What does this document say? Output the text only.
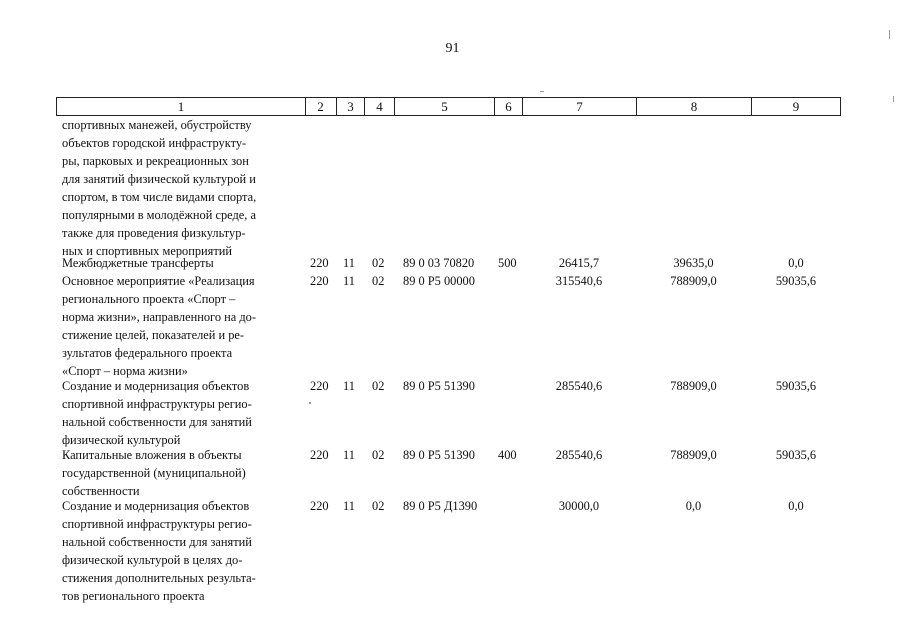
91
1	2	3	4	5	6	7	8	9
спортивных манежей, обустройству
объектов городской инфраструкту-
ры, парковых и рекреационных зон
для занятий физической культурой и
спортом, в том числе видами спорта,
популярными в молодёжной среде, а
также для проведения физкультур-
ных и спортивных мероприятий
Межбюджетные трансферты	220 11 02 89 0 03 70820 500	26415,7	39635,0	0,0
Основное мероприятие «Реализация
регионального проекта «Спорт –
норма жизни», направленного на до-
стижение целей, показателей и ре-
зультатов федерального проекта
«Спорт – норма жизни»
220 11 02 89 0 P5 00000	315540,6	788909,0	59035,6
Создание и модернизация объектов
спортивной инфраструктуры регио-
нальной собственности для занятий
физической культурой
220 11 02 89 0 P5 51390	285540,6	788909,0	59035,6
Капитальные вложения в объекты
государственной (муниципальной)
собственности
220 11 02 89 0 P5 51390 400	285540,6	788909,0	59035,6
Создание и модернизация объектов
спортивной инфраструктуры регио-
нальной собственности для занятий
физической культурой в целях до-
стижения дополнительных результа-
тов регионального проекта
220 11 02 89 0 P5 Д1390	30000,0	0,0	0,0
